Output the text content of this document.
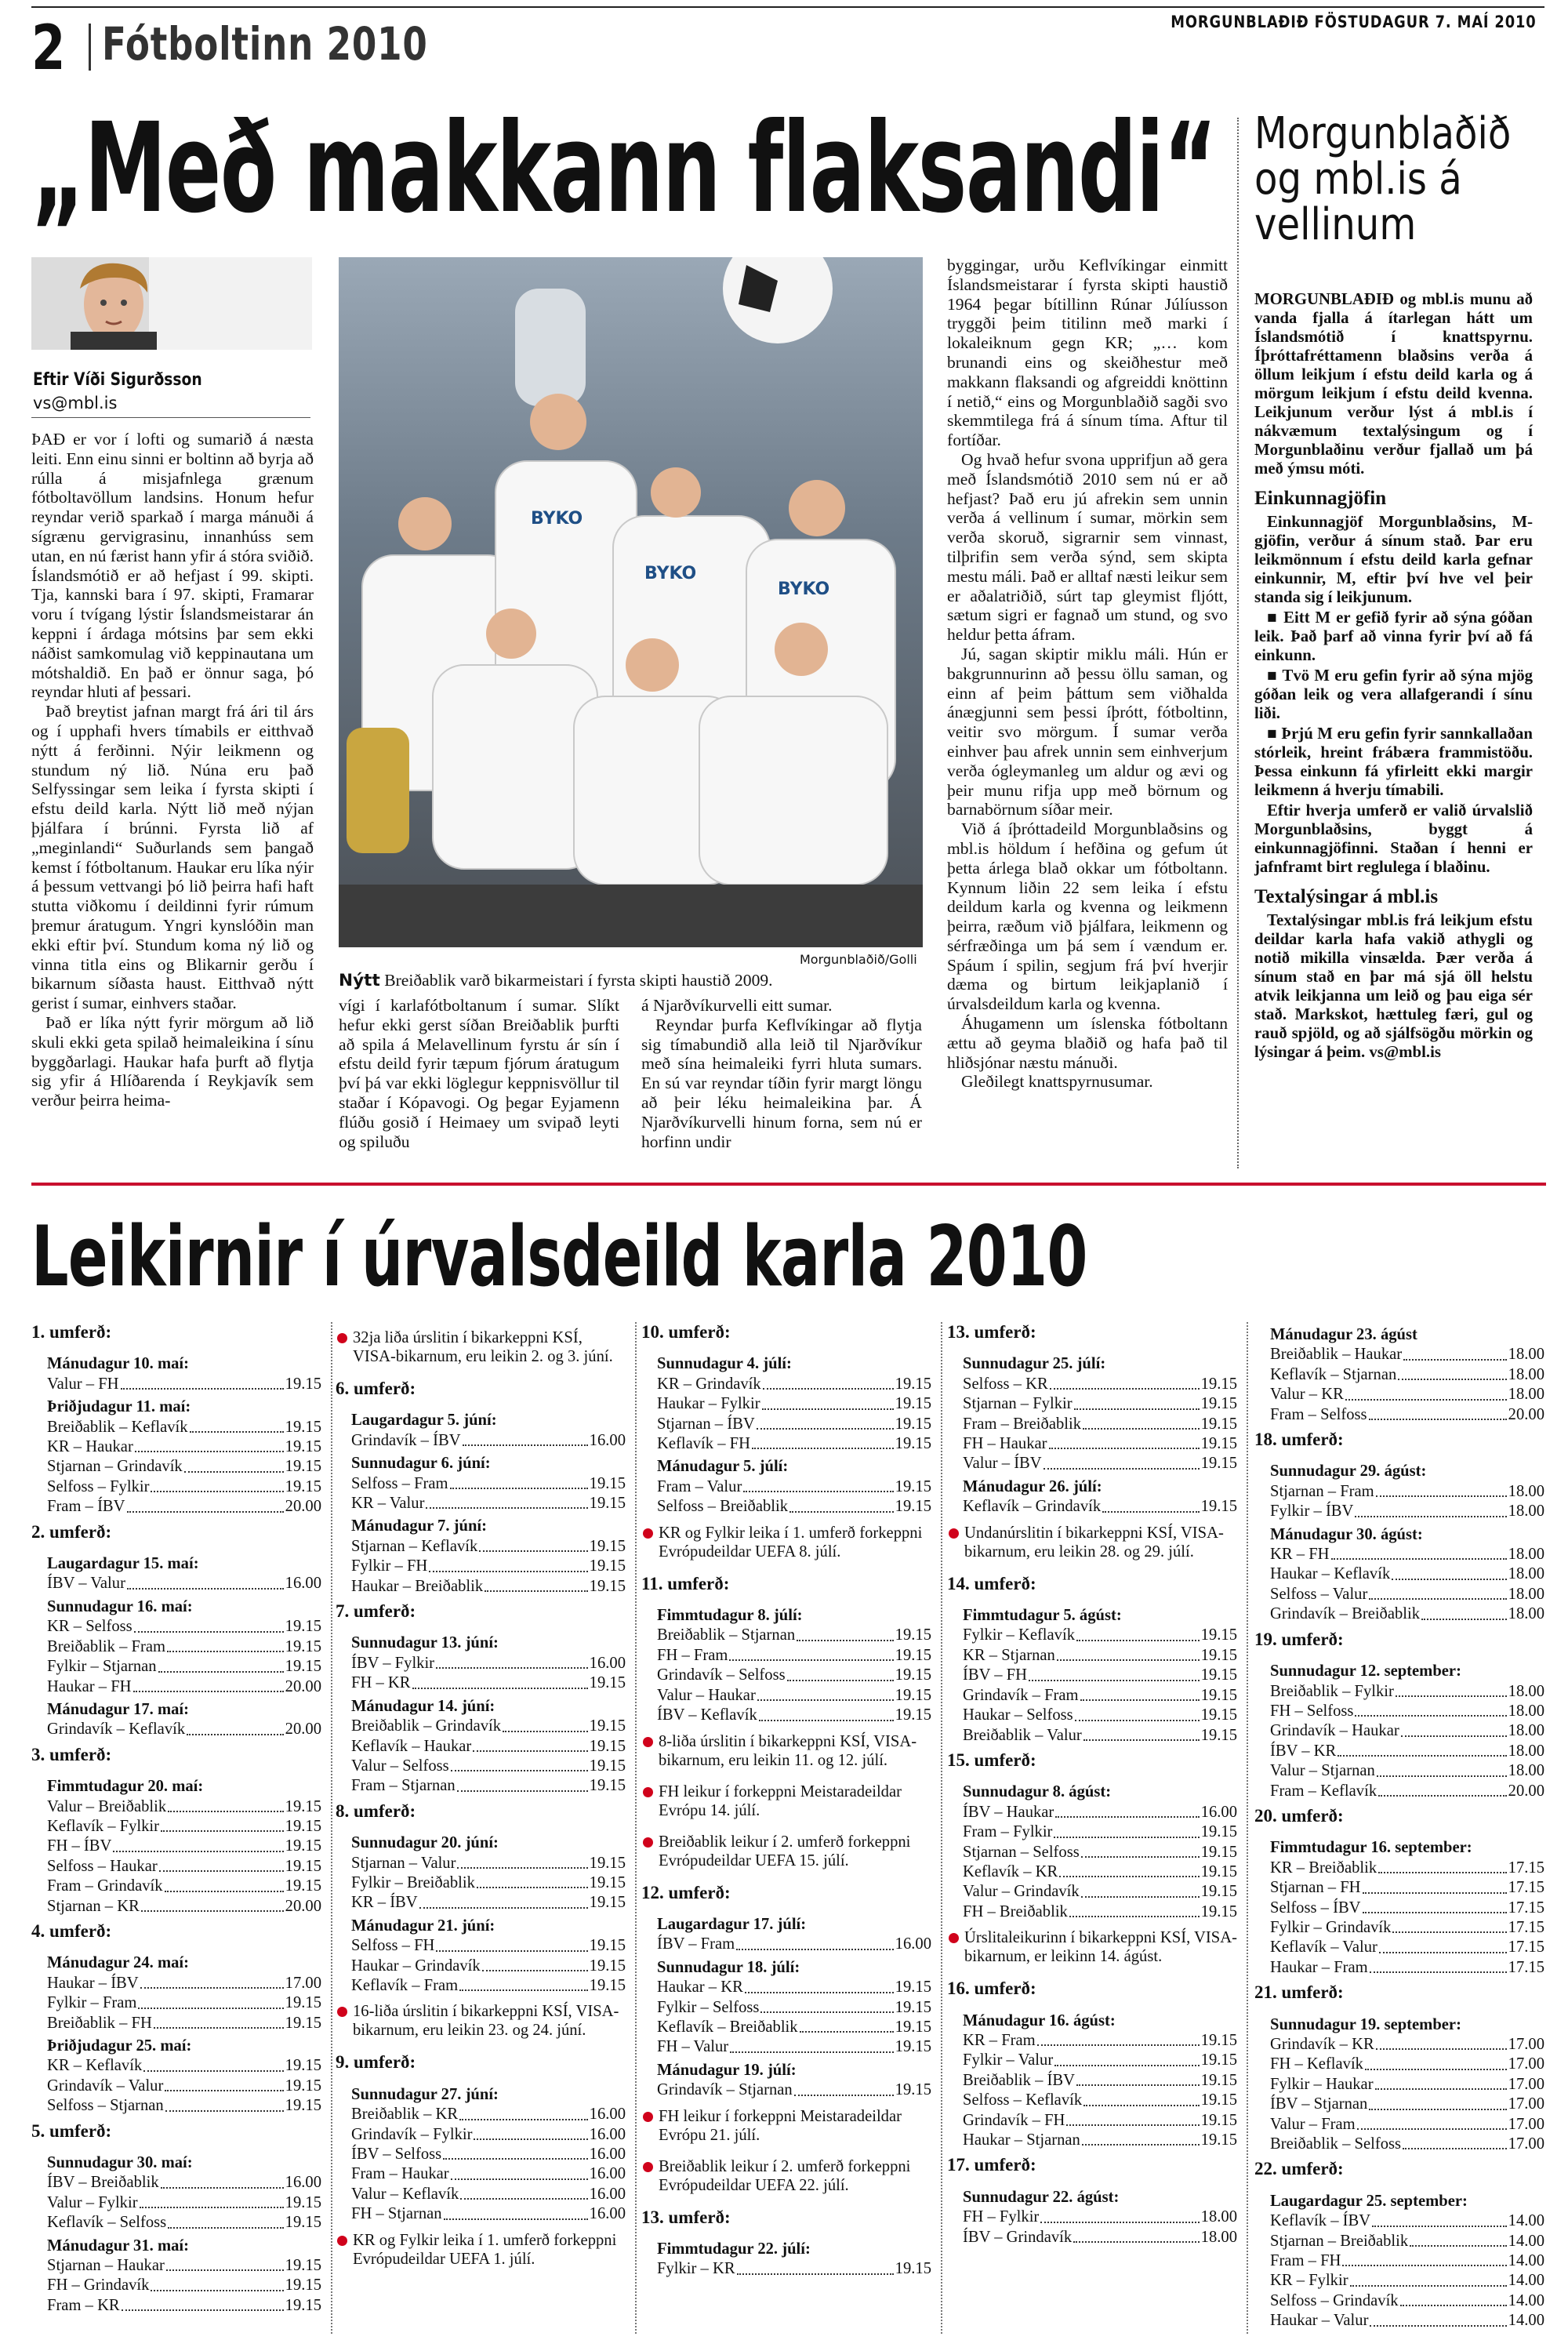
2 Fótboltinn 2010	MORGUNBLAÐIÐ FÖSTUDAGUR 7. MAÍ 2010
„Með makkann flaksandi“
Eftir Víði Sigurðsson
vs@mbl.is

ÞAÐ er vor í lofti og sumarið á næsta leiti. Enn einu sinni er boltinn að byrja að rúlla á misjafnlega grænum fótboltavöllum landsins. Honum hefur reyndar verið sparkað í marga mánuði á sígrænu gervigrasinu, innanhúss sem utan, en nú færist hann yfir á stóra sviðið. Íslandsmótið er að hefjast í 99. skipti. Tja, kannski bara í 97. skipti, Framarar voru í tvígang lýstir Íslandsmeistarar án keppni í árdaga mótsins þar sem ekki náðist samkomulag við keppinautana um mótshaldið. En það er önnur saga, þó reyndar hluti af þessari.

Það breytist jafnan margt frá ári til árs og í upphafi hvers tímabils er eitthvað nýtt á ferðinni. Nýir leikmenn og stundum ný lið. Núna eru það Selfyssingar sem leika í fyrsta skipti í efstu deild karla. Nýtt lið með nýjan þjálfara í brúnni. Fyrsta lið af „meginlandi“ Suðurlands sem þangað kemst í fótboltanum. Haukar eru líka nýir á þessum vettvangi þó lið þeirra hafi haft stutta viðkomu í deildinni fyrir rúmum þremur áratugum. Yngri kynslóðin man ekki eftir því. Stundum koma ný lið og vinna titla eins og Blikarnir gerðu í bikarnum síðasta haust. Eitthvað nýtt gerist í sumar, einhvers staðar.

Það er líka nýtt fyrir mörgum að lið skuli ekki geta spilað heimaleikina í sínu byggðarlagi. Haukar hafa þurft að flytja sig yfir á Hlíðarenda í Reykjavík sem verður þeirra heima-

BYKO
BYKO
BYKO
Morgunblaðið/Golli
Nýtt Breiðablik varð bikarmeistari í fyrsta skipti haustið 2009.

vígi í karlafótboltanum í sumar. Slíkt hefur ekki gerst síðan Breiðablik þurfti að spila á Melavellinum fyrstu ár sín í efstu deild fyrir tæpum fjórum áratugum því þá var ekki löglegur keppnisvöllur til staðar í Kópavogi. Og þegar Eyjamenn flúðu gosið í Heimaey um svipað leyti og spiluðu

á Njarðvíkurvelli eitt sumar.

Reyndar þurfa Keflvíkingar að flytja sig tímabundið alla leið til Njarðvíkur með sína heimaleiki fyrri hluta sumars. En sú var reyndar tíðin fyrir margt löngu að þeir léku heimaleikina þar. Á Njarðvíkurvelli hinum forna, sem nú er horfinn undir

byggingar, urðu Keflvíkingar einmitt Íslandsmeistarar í fyrsta skipti haustið 1964 þegar bítillinn Rúnar Júlíusson tryggði þeim titilinn með marki í lokaleiknum gegn KR; „… kom brunandi eins og skeiðhestur með makkann flaksandi og afgreiddi knöttinn í netið,“ eins og Morgunblaðið sagði svo skemmtilega frá á sínum tíma. Aftur til fortíðar.

Og hvað hefur svona upprifjun að gera með Íslandsmótið 2010 sem nú er að hefjast? Það eru jú afrekin sem unnin verða á vellinum í sumar, mörkin sem verða skoruð, sigrarnir sem vinnast, tilþrifin sem verða sýnd, sem skipta mestu máli. Það er alltaf næsti leikur sem er aðalatriðið, súrt tap gleymist fljótt, sætum sigri er fagnað um stund, og svo heldur þetta áfram.

Jú, sagan skiptir miklu máli. Hún er bakgrunnurinn að þessu öllu saman, og einn af þeim þáttum sem viðhalda ánægjunni sem þessi íþrótt, fótboltinn, veitir svo mörgum. Í sumar verða einhver þau afrek unnin sem einhverjum verða ógleymanleg um aldur og ævi og þeir munu rifja upp með börnum og barnabörnum síðar meir.

Við á íþróttadeild Morgunblaðsins og mbl.is höldum í hefðina og gefum út þetta árlega blað okkar um fótboltann. Kynnum liðin 22 sem leika í efstu deildum karla og kvenna og leikmenn þeirra, ræðum við þjálfara, leikmenn og sérfræðinga um þá sem í vændum er. Spáum í spilin, segjum frá því hverjir dæma og birtum leikjaplanið í úrvalsdeildum karla og kvenna.

Áhugamenn um íslenska fótboltann ættu að geyma blaðið og hafa það til hliðsjónar næstu mánuði.

Gleðilegt knattspyrnusumar.

Morgunblaðið
og mbl.is á
vellinum

MORGUNBLAÐIÐ og mbl.is munu að vanda fjalla á ítarlegan hátt um Íslandsmótið í knattspyrnu. Íþróttafréttamenn blaðsins verða á öllum leikjum í efstu deild karla og á mörgum leikjum í efstu deild kvenna. Leikjunum verður lýst á mbl.is í nákvæmum textalýsingum og í Morgunblaðinu verður fjallað um þá með ýmsu móti.

Einkunnagjöfin

Einkunnagjöf Morgunblaðsins, M-gjöfin, verður á sínum stað. Þar eru leikmönnum í efstu deild karla gefnar einkunnir, M, eftir því hve vel þeir standa sig í leikjunum.

■ Eitt M er gefið fyrir að sýna góðan leik. Það þarf að vinna fyrir því að fá einkunn.

■ Tvö M eru gefin fyrir að sýna mjög góðan leik og vera allafgerandi í sínu liði.

■ Þrjú M eru gefin fyrir sannkallaðan stórleik, hreint frábæra frammistöðu. Þessa einkunn fá yfirleitt ekki margir leikmenn á hverju tímabili.

Eftir hverja umferð er valið úrvalslið Morgunblaðsins, byggt á einkunnagjöfinni. Staðan í henni er jafnframt birt reglulega í blaðinu.

Textalýsingar á mbl.is

Textalýsingar mbl.is frá leikjum efstu deildar karla hafa vakið athygli og notið mikilla vinsælda. Þær verða á sínum stað en þar má sjá öll helstu atvik leikjanna um leið og þau eiga sér stað. Markskot, hættuleg færi, gul og rauð spjöld, og að sjálfsögðu mörkin og lýsingar á þeim. vs@mbl.is

Leikirnir í úrvalsdeild karla 2010
1. umferð:
Mánudagur 10. maí:
Valur – FH	19.15
Þriðjudagur 11. maí:
Breiðablik – Keflavík	19.15
KR – Haukar	19.15
Stjarnan – Grindavík	19.15
Selfoss – Fylkir	19.15
Fram – ÍBV	20.00
2. umferð:
Laugardagur 15. maí:
ÍBV – Valur	16.00
Sunnudagur 16. maí:
KR – Selfoss	19.15
Breiðablik – Fram	19.15
Fylkir – Stjarnan	19.15
Haukar – FH	20.00
Mánudagur 17. maí:
Grindavík – Keflavík	20.00
3. umferð:
Fimmtudagur 20. maí:
Valur – Breiðablik	19.15
Keflavík – Fylkir	19.15
FH – ÍBV	19.15
Selfoss – Haukar	19.15
Fram – Grindavík	19.15
Stjarnan – KR	20.00
4. umferð:
Mánudagur 24. maí:
Haukar – ÍBV	17.00
Fylkir – Fram	19.15
Breiðablik – FH	19.15
Þriðjudagur 25. maí:
KR – Keflavík	19.15
Grindavík – Valur	19.15
Selfoss – Stjarnan	19.15
5. umferð:
Sunnudagur 30. maí:
ÍBV – Breiðablik	16.00
Valur – Fylkir	19.15
Keflavík – Selfoss	19.15
Mánudagur 31. maí:
Stjarnan – Haukar	19.15
FH – Grindavík	19.15
Fram – KR	19.15
32ja liða úrslitin í bikarkeppni KSÍ, VISA-bikarnum, eru leikin 2. og 3. júní.
6. umferð:
Laugardagur 5. júní:
Grindavík – ÍBV	16.00
Sunnudagur 6. júní:
Selfoss – Fram	19.15
KR – Valur	19.15
Mánudagur 7. júní:
Stjarnan – Keflavík	19.15
Fylkir – FH	19.15
Haukar – Breiðablik	19.15
7. umferð:
Sunnudagur 13. júní:
ÍBV – Fylkir	16.00
FH – KR	19.15
Mánudagur 14. júní:
Breiðablik – Grindavík	19.15
Keflavík – Haukar	19.15
Valur – Selfoss	19.15
Fram – Stjarnan	19.15
8. umferð:
Sunnudagur 20. júní:
Stjarnan – Valur	19.15
Fylkir – Breiðablik	19.15
KR – ÍBV	19.15
Mánudagur 21. júní:
Selfoss – FH	19.15
Haukar – Grindavík	19.15
Keflavík – Fram	19.15
16-liða úrslitin í bikarkeppni KSÍ, VISA-bikarnum, eru leikin 23. og 24. júní.
9. umferð:
Sunnudagur 27. júní:
Breiðablik – KR	16.00
Grindavík – Fylkir	16.00
ÍBV – Selfoss	16.00
Fram – Haukar	16.00
Valur – Keflavík	16.00
FH – Stjarnan	16.00
KR og Fylkir leika í 1. umferð forkeppni Evrópudeildar UEFA 1. júlí.
10. umferð:
Sunnudagur 4. júlí:
KR – Grindavík	19.15
Haukar – Fylkir	19.15
Stjarnan – ÍBV	19.15
Keflavík – FH	19.15
Mánudagur 5. júlí:
Fram – Valur	19.15
Selfoss – Breiðablik	19.15
KR og Fylkir leika í 1. umferð forkeppni Evrópudeildar UEFA 8. júlí.
11. umferð:
Fimmtudagur 8. júlí:
Breiðablik – Stjarnan	19.15
FH – Fram	19.15
Grindavík – Selfoss	19.15
Valur – Haukar	19.15
ÍBV – Keflavík	19.15
8-liða úrslitin í bikarkeppni KSÍ, VISA-bikarnum, eru leikin 11. og 12. júlí.
FH leikur í forkeppni Meistaradeildar Evrópu 14. júlí.
Breiðablik leikur í 2. umferð forkeppni Evrópudeildar UEFA 15. júlí.
12. umferð:
Laugardagur 17. júlí:
ÍBV – Fram	16.00
Sunnudagur 18. júlí:
Haukar – KR	19.15
Fylkir – Selfoss	19.15
Keflavík – Breiðablik	19.15
FH – Valur	19.15
Mánudagur 19. júlí:
Grindavík – Stjarnan	19.15
FH leikur í forkeppni Meistaradeildar Evrópu 21. júlí.
Breiðablik leikur í 2. umferð forkeppni Evrópudeildar UEFA 22. júlí.
13. umferð:
Fimmtudagur 22. júlí:
Fylkir – KR	19.15
13. umferð:
Sunnudagur 25. júlí:
Selfoss – KR	19.15
Stjarnan – Fylkir	19.15
Fram – Breiðablik	19.15
FH – Haukar	19.15
Valur – ÍBV	19.15
Mánudagur 26. júlí:
Keflavík – Grindavík	19.15
Undanúrslitin í bikarkeppni KSÍ, VISA-bikarnum, eru leikin 28. og 29. júlí.
14. umferð:
Fimmtudagur 5. ágúst:
Fylkir – Keflavík	19.15
KR – Stjarnan	19.15
ÍBV – FH	19.15
Grindavík – Fram	19.15
Haukar – Selfoss	19.15
Breiðablik – Valur	19.15
15. umferð:
Sunnudagur 8. ágúst:
ÍBV – Haukar	16.00
Fram – Fylkir	19.15
Stjarnan – Selfoss	19.15
Keflavík – KR	19.15
Valur – Grindavík	19.15
FH – Breiðablik	19.15
Úrslitaleikurinn í bikarkeppni KSÍ, VISA-bikarnum, er leikinn 14. ágúst.
16. umferð:
Mánudagur 16. ágúst:
KR – Fram	19.15
Fylkir – Valur	19.15
Breiðablik – ÍBV	19.15
Selfoss – Keflavík	19.15
Grindavík – FH	19.15
Haukar – Stjarnan	19.15
17. umferð:
Sunnudagur 22. ágúst:
FH – Fylkir	18.00
ÍBV – Grindavík	18.00
Mánudagur 23. ágúst
Breiðablik – Haukar	18.00
Keflavík – Stjarnan	18.00
Valur – KR	18.00
Fram – Selfoss	20.00
18. umferð:
Sunnudagur 29. ágúst:
Stjarnan – Fram	18.00
Fylkir – ÍBV	18.00
Mánudagur 30. ágúst:
KR – FH	18.00
Haukar – Keflavík	18.00
Selfoss – Valur	18.00
Grindavík – Breiðablik	18.00
19. umferð:
Sunnudagur 12. september:
Breiðablik – Fylkir	18.00
FH – Selfoss	18.00
Grindavík – Haukar	18.00
ÍBV – KR	18.00
Valur – Stjarnan	18.00
Fram – Keflavík	20.00
20. umferð:
Fimmtudagur 16. september:
KR – Breiðablik	17.15
Stjarnan – FH	17.15
Selfoss – ÍBV	17.15
Fylkir – Grindavík	17.15
Keflavík – Valur	17.15
Haukar – Fram	17.15
21. umferð:
Sunnudagur 19. september:
Grindavík – KR	17.00
FH – Keflavík	17.00
Fylkir – Haukar	17.00
ÍBV – Stjarnan	17.00
Valur – Fram	17.00
Breiðablik – Selfoss	17.00
22. umferð:
Laugardagur 25. september:
Keflavík – ÍBV	14.00
Stjarnan – Breiðablik	14.00
Fram – FH	14.00
KR – Fylkir	14.00
Selfoss – Grindavík	14.00
Haukar – Valur	14.00
